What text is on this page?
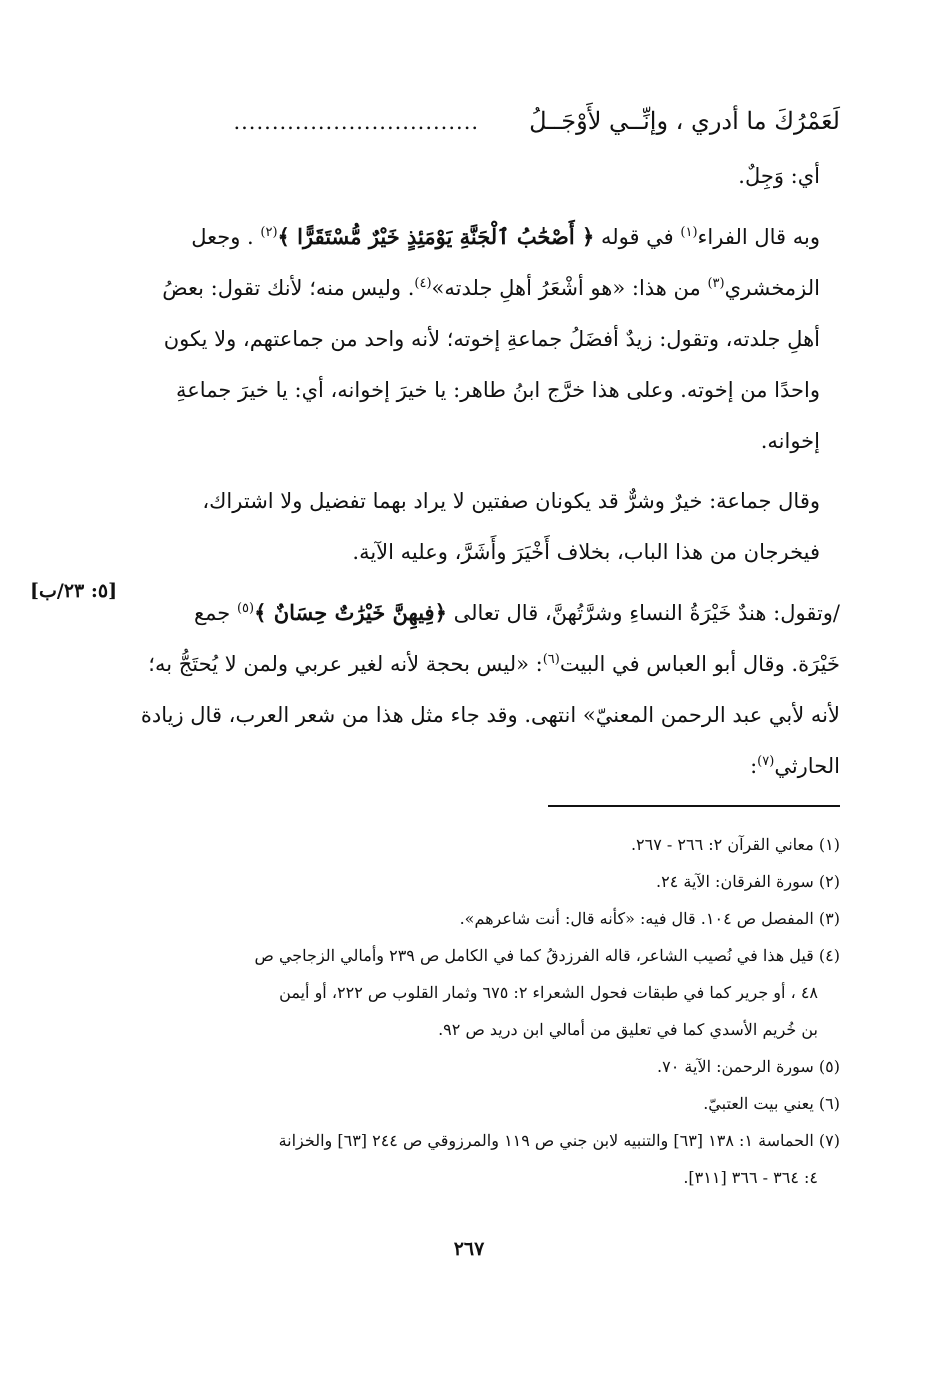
لَعَمْرُكَ ما أدري ، وإنِّــي لأَوْجَــلُ
................................

أي: وَجِلٌ.

وبه قال الفراء$^{(١)}$ في قوله ﴿ أَصْحَٰبُ ٱلْجَنَّةِ يَوْمَئِذٍ خَيْرٌ مُّسْتَقَرًّا ﴾$^{(٢)}$ . وجعل
الزمخشري$^{(٣)}$ من هذا: «هو أشْعَرُ أهلِ جلدته»$^{(٤)}$. وليس منه؛ لأنك تقول: بعضُ
أهلِ جلدته، وتقول: زيدٌ أفضَلُ جماعةِ إخوته؛ لأنه واحد من جماعتهم، ولا يكون
واحدًا من إخوته. وعلى هذا خرَّج ابنُ طاهر: يا خيرَ إخوانه، أي: يا خيرَ جماعةِ
إخوانه.

وقال جماعة: خيرٌ وشرٌّ قد يكونان صفتين لا يراد بهما تفضيل ولا اشتراك،
فيخرجان من هذا الباب، بخلاف أَخْيَرَ وأَشَرَّ، وعليه الآية.

/وتقول: هندٌ خَيْرَةُ النساءِ وشرَّتُهنَّ، قال تعالى ﴿فِيهِنَّ خَيْرَٰتٌ حِسَانٌ ﴾$^{(٥)}$ جمع
خَيْرَة. وقال أبو العباس في البيت$^{(٦)}$: «ليس بحجة لأنه لغير عربي ولمن لا يُحتَجُّ به؛
لأنه لأبي عبد الرحمن المعنيّ» انتهى. وقد جاء مثل هذا من شعر العرب، قال زيادة
الحارثي$^{(٧)}$:

[٥: ٢٣/ب]

(١) معاني القرآن ٢: ٢٦٦ - ٢٦٧.

(٢) سورة الفرقان: الآية ٢٤.

(٣) المفصل ص ١٠٤. قال فيه: «كأنه قال: أنت شاعرهم».

(٤) قيل هذا في نُصيب الشاعر، قاله الفرزدقُ كما في الكامل ص ٢٣٩ وأمالي الزجاجي ص
٤٨ ، أو جرير كما في طبقات فحول الشعراء ٢: ٦٧٥ وثمار القلوب ص ٢٢٢، أو أيمن
بن خُريم الأسدي كما في تعليق من أمالي ابن دريد ص ٩٢.

(٥) سورة الرحمن: الآية ٧٠.

(٦) يعني بيت العتبيّ.

(٧) الحماسة ١: ١٣٨ [٦٣] والتنبيه لابن جني ص ١١٩ والمرزوقي ص ٢٤٤ [٦٣] والخزانة
٤: ٣٦٤ - ٣٦٦ [٣١١].

٢٦٧
